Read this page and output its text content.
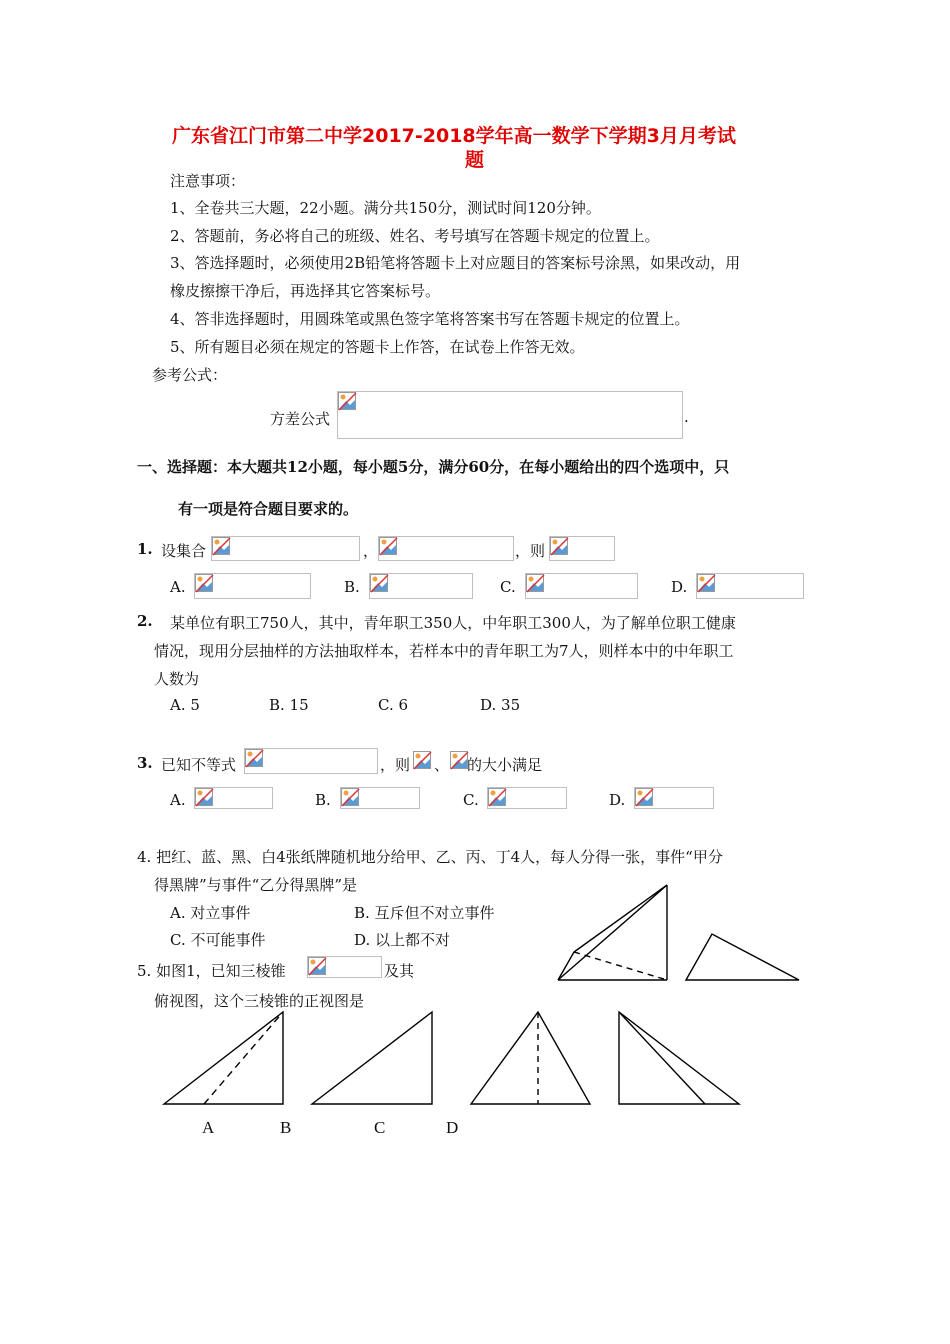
广东省江门市第二中学2017-2018学年高一数学下学期3月月考试
题
注意事项：
1、全卷共三大题，22小题。满分共150分，测试时间120分钟。
2、答题前，务必将自己的班级、姓名、考号填写在答题卡规定的位置上。
3、答选择题时，必须使用2B铅笔将答题卡上对应题目的答案标号涂黑，如果改动，用
橡皮擦擦干净后，再选择其它答案标号。
4、答非选择题时，用圆珠笔或黑色签字笔将答案书写在答题卡规定的位置上。
5、所有题目必须在规定的答题卡上作答，在试卷上作答无效。
参考公式：
方差公式	.
一、选择题：本大题共12小题，每小题5分，满分60分，在每小题给出的四个选项中，只
有一项是符合题目要求的。
1. 设集合	，	，则
A.	B.	C.	D.
2. 某单位有职工750人，其中，青年职工350人，中年职工300人，为了解单位职工健康
情况，现用分层抽样的方法抽取样本，若样本中的青年职工为7人，则样本中的中年职工
人数为
A. 5	B. 15	C. 6	D. 35
3. 已知不等式	，则 、 的大小满足
A.	B.	C.	D.
4. 把红、蓝、黑、白4张纸牌随机地分给甲、乙、丙、丁4人，每人分得一张，事件“甲分
得黑牌”与事件“乙分得黑牌”是
A. 对立事件	B. 互斥但不对立事件
C. 不可能事件	D. 以上都不对
5. 如图1，已知三棱锥	及其
俯视图，这个三棱锥的正视图是
A	B	C	D
